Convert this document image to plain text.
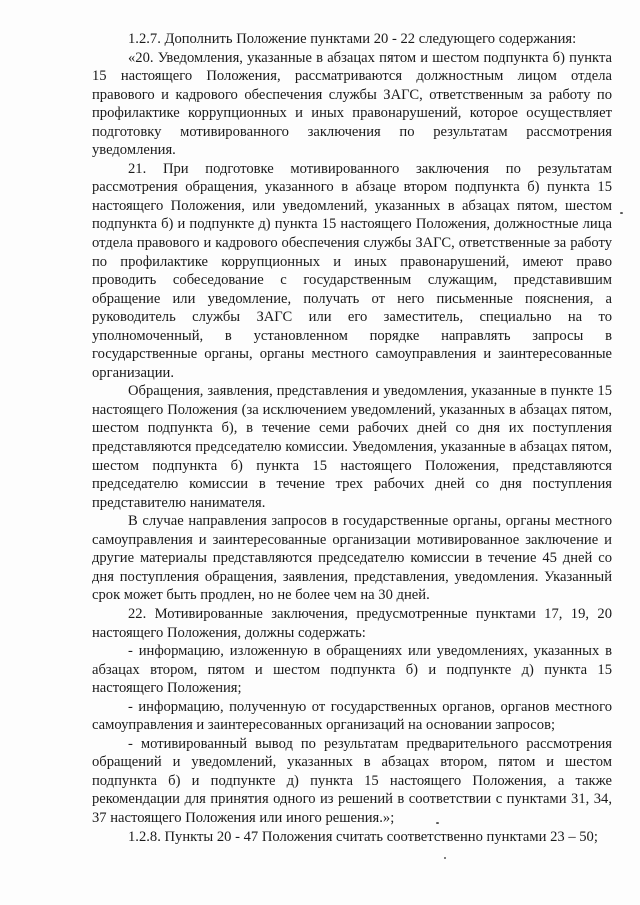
1.2.7. Дополнить Положение пунктами 20 - 22 следующего содержания:

«20. Уведомления, указанные в абзацах пятом и шестом подпункта б) пункта 15 настоящего Положения, рассматриваются должностным лицом отдела правового и кадрового обеспечения службы ЗАГС, ответственным за работу по профилактике коррупционных и иных правонарушений, которое осуществляет подготовку мотивированного заключения по результатам рассмотрения уведомления.

21. При подготовке мотивированного заключения по результатам рассмотрения обращения, указанного в абзаце втором подпункта б) пункта 15 настоящего Положения, или уведомлений, указанных в абзацах пятом, шестом подпункта б) и подпункте д) пункта 15 настоящего Положения, должностные лица отдела правового и кадрового обеспечения службы ЗАГС, ответственные за работу по профилактике коррупционных и иных правонарушений, имеют право проводить собеседование с государственным служащим, представившим обращение или уведомление, получать от него письменные пояснения, а руководитель службы ЗАГС или его заместитель, специально на то уполномоченный, в установленном порядке направлять запросы в государственные органы, органы местного самоуправления и заинтересованные организации.

Обращения, заявления, представления и уведомления, указанные в пункте 15 настоящего Положения (за исключением уведомлений, указанных в абзацах пятом, шестом подпункта б), в течение семи рабочих дней со дня их поступления представляются председателю комиссии. Уведомления, указанные в абзацах пятом, шестом подпункта б) пункта 15 настоящего Положения, представляются председателю комиссии в течение трех рабочих дней со дня поступления представителю нанимателя.

В случае направления запросов в государственные органы, органы местного самоуправления и заинтересованные организации мотивированное заключение и другие материалы представляются председателю комиссии в течение 45 дней со дня поступления обращения, заявления, представления, уведомления. Указанный срок может быть продлен, но не более чем на 30 дней.

22. Мотивированные заключения, предусмотренные пунктами 17, 19, 20 настоящего Положения, должны содержать:

- информацию, изложенную в обращениях или уведомлениях, указанных в абзацах втором, пятом и шестом подпункта б) и подпункте д) пункта 15 настоящего Положения;

- информацию, полученную от государственных органов, органов местного самоуправления и заинтересованных организаций на основании запросов;

- мотивированный вывод по результатам предварительного рассмотрения обращений и уведомлений, указанных в абзацах втором, пятом и шестом подпункта б) и подпункте д) пункта 15 настоящего Положения, а также рекомендации для принятия одного из решений в соответствии с пунктами 31, 34, 37 настоящего Положения или иного решения.»;

1.2.8. Пункты 20 - 47 Положения считать соответственно пунктами 23 – 50;
